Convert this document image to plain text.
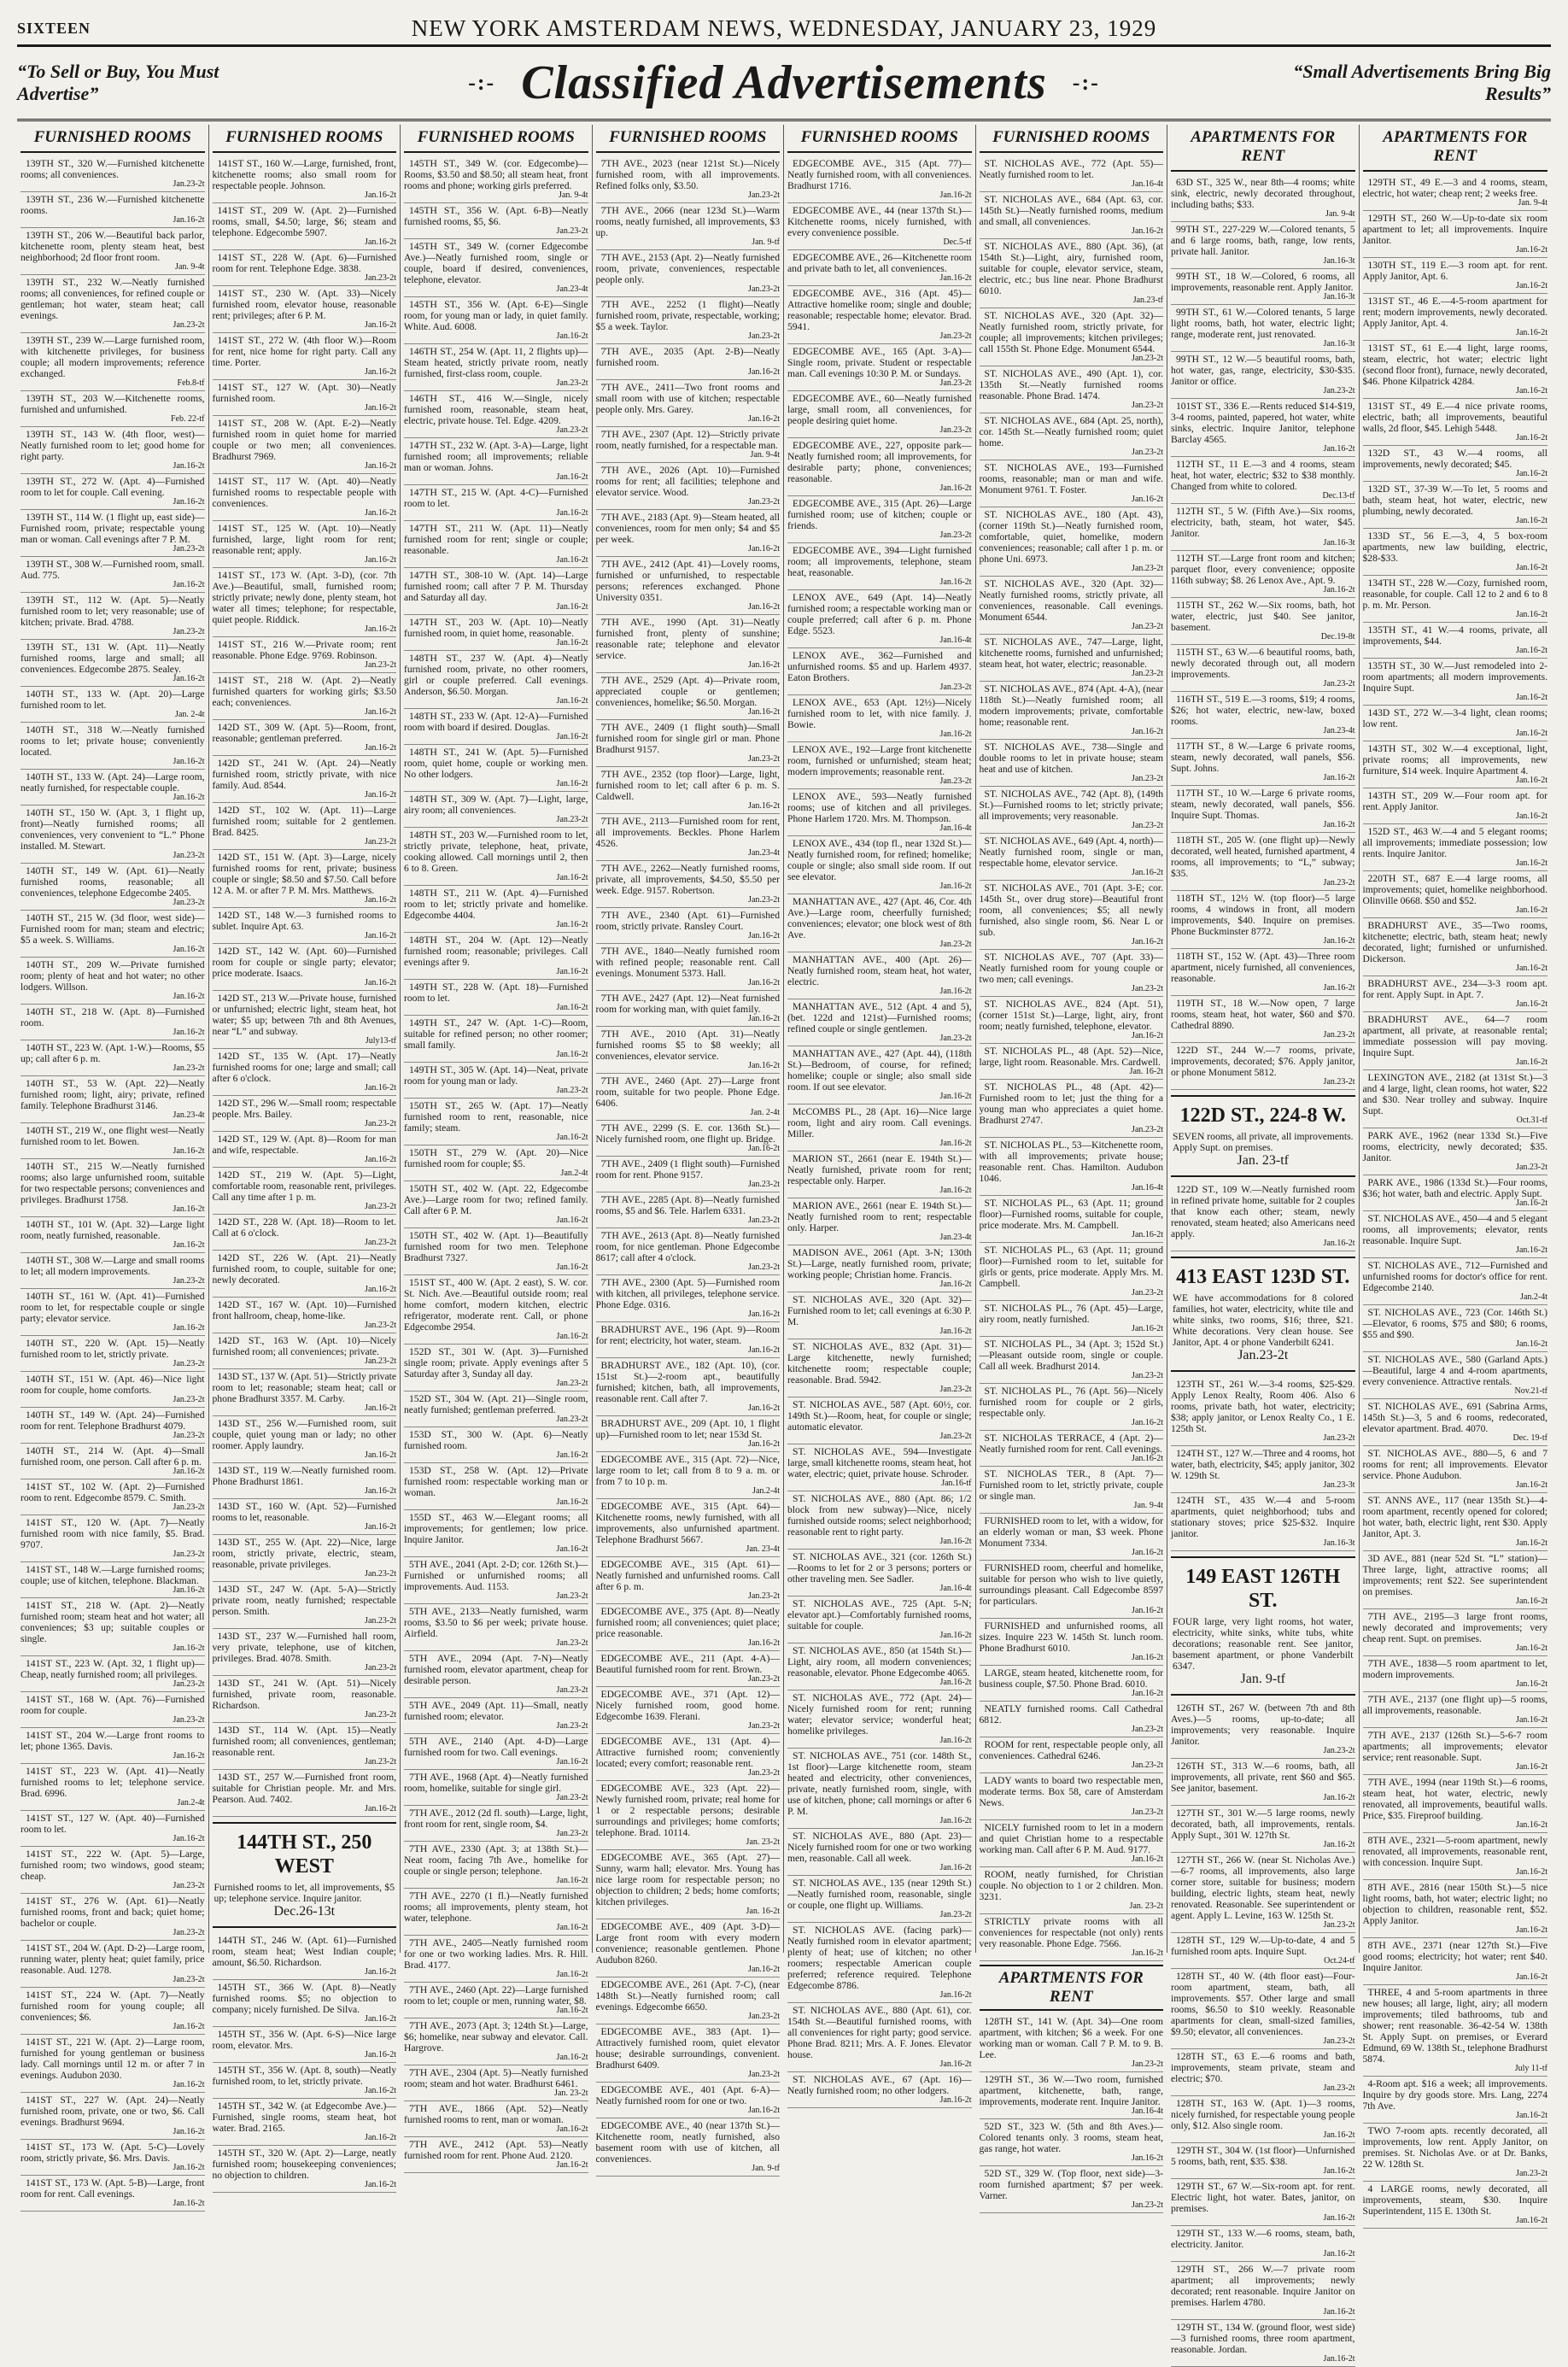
SIXTEEN	NEW YORK AMSTERDAM NEWS, WEDNESDAY, JANUARY 23, 1929
“To Sell or Buy, You Must Advertise”	-:- Classified Advertisements -:-	“Small Advertisements Bring Big Results”
FURNISHED ROOMS
139TH ST., 320 W.—Furnished kitchenette rooms; all conveniences.
Jan.23-2t
139TH ST., 236 W.—Furnished kitchenette rooms.
Jan.16-2t
139TH ST., 206 W.—Beautiful back parlor, kitchenette room, plenty steam heat, best neighborhood; 2d floor front room.
Jan. 9-4t
139TH ST., 232 W.—Neatly furnished rooms; all conveniences, for refined couple or gentleman; hot water, steam heat; call evenings.
Jan.23-2t
139TH ST., 239 W.—Large furnished room, with kitchenette privileges, for business couple; all modern improvements; reference exchanged.
Feb.8-tf
139TH ST., 203 W.—Kitchenette rooms, furnished and unfurnished.
Feb. 22-tf
139TH ST., 143 W. (4th floor, west)—Neatly furnished room to let; good home for right party.
Jan.16-2t
139TH ST., 272 W. (Apt. 4)—Furnished room to let for couple. Call evening.
Jan.16-2t
139TH ST., 114 W. (1 flight up, east side)—Furnished room, private; respectable young man or woman. Call evenings after 7 P. M.
Jan.23-2t
139TH ST., 308 W.—Furnished room, small. Aud. 775.
Jan.16-2t
139TH ST., 112 W. (Apt. 5)—Neatly furnished room to let; very reasonable; use of kitchen; private. Brad. 4788.
Jan.23-2t
139TH ST., 131 W. (Apt. 11)—Neatly furnished rooms, large and small; all conveniences. Edgecombe 2875. Sealey.
Jan.16-2t
140TH ST., 133 W. (Apt. 20)—Large furnished room to let.
Jan. 2-4t
140TH ST., 318 W.—Neatly furnished rooms to let; private house; conveniently located.
Jan.16-2t
140TH ST., 133 W. (Apt. 24)—Large room, neatly furnished, for respectable couple.
Jan.16-2t
140TH ST., 150 W. (Apt. 3, 1 flight up, front)—Neatly furnished rooms; all conveniences, very convenient to “L.” Phone installed. M. Stewart.
Jan.23-2t
140TH ST., 149 W. (Apt. 61)—Neatly furnished rooms, reasonable; all conveniences, telephone Edgecombe 2405.
Jan.23-2t
140TH ST., 215 W. (3d floor, west side)—Furnished room for man; steam and electric; $5 a week. S. Williams.
Jan.16-2t
140TH ST., 209 W.—Private furnished room; plenty of heat and hot water; no other lodgers. Willson.
Jan.16-2t
140TH ST., 218 W. (Apt. 8)—Furnished room.
Jan.16-2t
140TH ST., 223 W. (Apt. 1-W.)—Rooms, $5 up; call after 6 p. m.
Jan.23-2t
140TH ST., 53 W. (Apt. 22)—Neatly furnished room; light, airy; private, refined family. Telephone Bradhurst 3146.
Jan.23-4t
140TH ST., 219 W., one flight west—Neatly furnished room to let. Bowen.
Jan.16-2t
140TH ST., 215 W.—Neatly furnished rooms; also large unfurnished room, suitable for two respectable persons; conveniences and privileges. Bradhurst 1758.
Jan.16-2t
140TH ST., 101 W. (Apt. 32)—Large light room, neatly furnished, reasonable.
Jan.16-2t
140TH ST., 308 W.—Large and small rooms to let; all modern improvements.
Jan.23-2t
140TH ST., 161 W. (Apt. 41)—Furnished room to let, for respectable couple or single party; elevator service.
Jan.16-2t
140TH ST., 220 W. (Apt. 15)—Neatly furnished room to let, strictly private.
Jan.23-2t
140TH ST., 151 W. (Apt. 46)—Nice light room for couple, home comforts.
Jan.23-2t
140TH ST., 149 W. (Apt. 24)—Furnished room for rent. Telephone Bradhurst 4079.
Jan.23-2t
140TH ST., 214 W. (Apt. 4)—Small furnished room, one person. Call after 6 p. m.
Jan.16-2t
141ST ST., 102 W. (Apt. 2)—Furnished room to rent. Edgecombe 8579. C. Smith.
Jan.23-2t
141ST ST., 120 W. (Apt. 7)—Neatly furnished room with nice family, $5. Brad. 9707.
Jan.23-2t
141ST ST., 148 W.—Large furnished rooms; couple; use of kitchen, telephone. Blackman.
Jan.16-2t
141ST ST., 218 W. (Apt. 2)—Neatly furnished room; steam heat and hot water; all conveniences; $3 up; suitable couples or single.
Jan.16-2t
141ST ST., 223 W. (Apt. 32, 1 flight up)—Cheap, neatly furnished room; all privileges.
Jan.23-2t
141ST ST., 168 W. (Apt. 76)—Furnished room for couple.
Jan.23-2t
141ST ST., 204 W.—Large front rooms to let; phone 1365. Davis.
Jan.16-2t
141ST ST., 223 W. (Apt. 41)—Neatly furnished rooms to let; telephone service. Brad. 6996.
Jan.2-4t
141ST ST., 127 W. (Apt. 40)—Furnished room to let.
Jan.16-2t
141ST ST., 222 W. (Apt. 5)—Large, furnished room; two windows, good steam; cheap.
Jan.23-2t
141ST ST., 276 W. (Apt. 61)—Neatly furnished rooms, front and back; quiet home; bachelor or couple.
Jan.23-2t
141ST ST., 204 W. (Apt. D-2)—Large room, running water, plenty heat; quiet family, price reasonable. Aud. 1278.
Jan.23-2t
141ST ST., 224 W. (Apt. 7)—Neatly furnished room for young couple; all conveniences; $6.
Jan.16-2t
141ST ST., 221 W. (Apt. 2)—Large room, furnished for young gentleman or business lady. Call mornings until 12 m. or after 7 in evenings. Audubon 2030.
Jan.16-2t
141ST ST., 227 W. (Apt. 24)—Neatly furnished room, private, one or two, $6. Call evenings. Bradhurst 9694.
Jan.16-2t
141ST ST., 173 W. (Apt. 5-C)—Lovely room, strictly private, $6. Mrs. Davis.
Jan.16-2t
141ST ST., 173 W. (Apt. 5-B)—Large, front room for rent. Call evenings.
Jan.16-2t
FURNISHED ROOMS
141ST ST., 160 W.—Large, furnished, front, kitchenette rooms; also small room for respectable people. Johnson.
Jan.16-2t
141ST ST., 209 W. (Apt. 2)—Furnished rooms, small, $4.50; large, $6; steam and telephone. Edgecombe 5907.
Jan.16-2t
141ST ST., 228 W. (Apt. 6)—Furnished room for rent. Telephone Edge. 3838.
Jan.23-2t
141ST ST., 230 W. (Apt. 33)—Nicely furnished room, elevator house, reasonable rent; privileges; after 6 P. M.
Jan.16-2t
141ST ST., 272 W. (4th floor W.)—Room for rent, nice home for right party. Call any time. Porter.
Jan.16-2t
141ST ST., 127 W. (Apt. 30)—Neatly furnished room.
Jan.16-2t
141ST ST., 208 W. (Apt. E-2)—Neatly furnished room in quiet home for married couple or two men; all conveniences. Bradhurst 7969.
Jan.16-2t
141ST ST., 117 W. (Apt. 40)—Neatly furnished rooms to respectable people with conveniences.
Jan.16-2t
141ST ST., 125 W. (Apt. 10)—Neatly furnished, large, light room for rent; reasonable rent; apply.
Jan.16-2t
141ST ST., 173 W. (Apt. 3-D), (cor. 7th Ave.)—Beautiful, small, furnished room; strictly private; newly done, plenty steam, hot water all times; telephone; for respectable, quiet people. Riddick.
Jan.16-2t
141ST ST., 216 W.—Private room; rent reasonable. Phone Edge. 9769. Robinson.
Jan.23-2t
141ST ST., 218 W. (Apt. 2)—Neatly furnished quarters for working girls; $3.50 each; conveniences.
Jan.16-2t
142D ST., 309 W. (Apt. 5)—Room, front, reasonable; gentleman preferred.
Jan.16-2t
142D ST., 241 W. (Apt. 24)—Neatly furnished room, strictly private, with nice family. Aud. 8544.
Jan.16-2t
142D ST., 102 W. (Apt. 11)—Large furnished room; suitable for 2 gentlemen. Brad. 8425.
Jan.23-2t
142D ST., 151 W. (Apt. 3)—Large, nicely furnished rooms for rent, private; business couple or single; $8.50 and $7.50. Call before 12 A. M. or after 7 P. M. Mrs. Matthews.
Jan.16-2t
142D ST., 148 W.—3 furnished rooms to sublet. Inquire Apt. 63.
Jan.16-2t
142D ST., 142 W. (Apt. 60)—Furnished room for couple or single party; elevator; price moderate. Isaacs.
Jan.16-2t
142D ST., 213 W.—Private house, furnished or unfurnished; electric light, steam heat, hot water; $5 up; between 7th and 8th Avenues, near “L” and subway.
July13-tf
142D ST., 135 W. (Apt. 17)—Neatly furnished rooms for one; large and small; call after 6 o'clock.
Jan.16-2t
142D ST., 296 W.—Small room; respectable people. Mrs. Bailey.
Jan.23-2t
142D ST., 129 W. (Apt. 8)—Room for man and wife, respectable.
Jan.16-2t
142D ST., 219 W. (Apt. 5)—Light, comfortable room, reasonable rent, privileges. Call any time after 1 p. m.
Jan.23-2t
142D ST., 228 W. (Apt. 18)—Room to let. Call at 6 o'clock.
Jan.23-2t
142D ST., 226 W. (Apt. 21)—Neatly furnished room, to couple, suitable for one; newly decorated.
Jan.16-2t
142D ST., 167 W. (Apt. 10)—Furnished front hallroom, cheap, home-like.
Jan.23-2t
142D ST., 163 W. (Apt. 10)—Nicely furnished room; all conveniences; private.
Jan.23-2t
143D ST., 137 W. (Apt. 51)—Strictly private room to let; reasonable; steam heat; call or phone Bradhurst 3357. M. Carby.
Jan.16-2t
143D ST., 256 W.—Furnished room, suit couple, quiet young man or lady; no other roomer. Apply laundry.
Jan.16-2t
143D ST., 119 W.—Neatly furnished room. Phone Bradhurst 1861.
Jan.16-2t
143D ST., 160 W. (Apt. 52)—Furnished rooms to let, reasonable.
Jan.16-2t
143D ST., 255 W. (Apt. 22)—Nice, large room, strictly private, electric, steam, reasonable, private privileges.
Jan.23-2t
143D ST., 247 W. (Apt. 5-A)—Strictly private room, neatly furnished; respectable person. Smith.
Jan.23-2t
143D ST., 237 W.—Furnished hall room, very private, telephone, use of kitchen, privileges. Brad. 4078. Smith.
Jan.23-2t
143D ST., 241 W. (Apt. 51)—Nicely furnished, private room, reasonable. Richardson.
Jan.23-2t
143D ST., 114 W. (Apt. 15)—Neatly furnished room; all conveniences, gentleman; reasonable rent.
Jan.23-2t
143D ST., 257 W.—Furnished front room, suitable for Christian people. Mr. and Mrs. Pearson. Aud. 7402.
Jan.16-2t
144TH ST., 250 WEST
Furnished rooms to let, all improvements, $5 up; telephone service. Inquire janitor.
Dec.26-13t
144TH ST., 246 W. (Apt. 61)—Furnished room, steam heat; West Indian couple; amount, $6.50. Richardson.
Jan.16-2t
145TH ST., 366 W. (Apt. 8)—Neatly furnished rooms. $5; no objection to company; nicely furnished. De Silva.
Jan.16-2t
145TH ST., 356 W. (Apt. 6-S)—Nice large room, elevator. Mrs.
Jan.16-2t
145TH ST., 356 W. (Apt. 8, south)—Neatly furnished room, to let, strictly private.
Jan.16-2t
145TH ST., 342 W. (at Edgecombe Ave.)—Furnished, single rooms, steam heat, hot water. Brad. 2165.
Jan.16-2t
145TH ST., 320 W. (Apt. 2)—Large, neatly furnished room; housekeeping conveniences; no objection to children.
Jan.16-2t
FURNISHED ROOMS
145TH ST., 349 W. (cor. Edgecombe)—Rooms, $3.50 and $8.50; all steam heat, front rooms and phone; working girls preferred.
Jan. 9-4t
145TH ST., 356 W. (Apt. 6-B)—Neatly furnished rooms, $5, $6.
Jan.23-2t
145TH ST., 349 W. (corner Edgecombe Ave.)—Neatly furnished room, single or couple, board if desired, conveniences, telephone, elevator.
Jan.23-4t
145TH ST., 356 W. (Apt. 6-E)—Single room, for young man or lady, in quiet family. White. Aud. 6008.
Jan.16-2t
146TH ST., 254 W. (Apt. 11, 2 flights up)—Steam heated, strictly private room, neatly furnished, first-class room, couple.
Jan.23-2t
146TH ST., 416 W.—Single, nicely furnished room, reasonable, steam heat, electric, private house. Tel. Edge. 4209.
Jan.23-2t
147TH ST., 232 W. (Apt. 3-A)—Large, light furnished room; all improvements; reliable man or woman. Johns.
Jan.16-2t
147TH ST., 215 W. (Apt. 4-C)—Furnished room to let.
Jan.16-2t
147TH ST., 211 W. (Apt. 11)—Neatly furnished room for rent; single or couple; reasonable.
Jan.16-2t
147TH ST., 308-10 W. (Apt. 14)—Large furnished room; call after 7 P. M. Thursday and Saturday all day.
Jan.16-2t
147TH ST., 203 W. (Apt. 10)—Neatly furnished room, in quiet home, reasonable.
Jan.16-2t
148TH ST., 237 W. (Apt. 4)—Neatly furnished room, private, no other roomers, girl or couple preferred. Call evenings. Anderson, $6.50. Morgan.
Jan.16-2t
148TH ST., 233 W. (Apt. 12-A)—Furnished room with board if desired. Douglas.
Jan.16-2t
148TH ST., 241 W. (Apt. 5)—Furnished room, quiet home, couple or working men. No other lodgers.
Jan.16-2t
148TH ST., 309 W. (Apt. 7)—Light, large, airy room; all conveniences.
Jan.23-2t
148TH ST., 203 W.—Furnished room to let, strictly private, telephone, heat, private, cooking allowed. Call mornings until 2, then 6 to 8. Green.
Jan.16-2t
148TH ST., 211 W. (Apt. 4)—Furnished room to let; strictly private and homelike. Edgecombe 4404.
Jan.16-2t
148TH ST., 204 W. (Apt. 12)—Neatly furnished room; reasonable; privileges. Call evenings after 9.
Jan.16-2t
149TH ST., 228 W. (Apt. 18)—Furnished room to let.
Jan.16-2t
149TH ST., 247 W. (Apt. 1-C)—Room, suitable for refined person; no other roomer; small family.
Jan.16-2t
149TH ST., 305 W. (Apt. 14)—Neat, private room for young man or lady.
Jan.23-2t
150TH ST., 265 W. (Apt. 17)—Neatly furnished room to rent, reasonable, nice family; steam.
Jan.16-2t
150TH ST., 279 W. (Apt. 20)—Nice furnished room for couple; $5.
Jan.2-4t
150TH ST., 402 W. (Apt. 22, Edgecombe Ave.)—Large room for two; refined family. Call after 6 P. M.
Jan.16-2t
150TH ST., 402 W. (Apt. 1)—Beautifully furnished room for two men. Telephone Bradhurst 7327.
Jan.16-2t
151ST ST., 400 W. (Apt. 2 east), S. W. cor. St. Nich. Ave.—Beautiful outside room; real home comfort, modern kitchen, electric refrigerator, moderate rent. Call, or phone Edgecombe 2954.
Jan.16-2t
152D ST., 301 W. (Apt. 3)—Furnished single room; private. Apply evenings after 5 Saturday after 3, Sunday all day.
Jan.23-2t
152D ST., 304 W. (Apt. 21)—Single room, neatly furnished; gentleman preferred.
Jan.23-2t
153D ST., 300 W. (Apt. 6)—Neatly furnished room.
Jan.16-2t
153D ST., 258 W. (Apt. 12)—Private furnished room: respectable working man or woman.
Jan.16-2t
155D ST., 463 W.—Elegant rooms; all improvements; for gentlemen; low price. Inquire Janitor.
Jan.16-2t
5TH AVE., 2041 (Apt. 2-D; cor. 126th St.)—Furnished or unfurnished rooms; all improvements. Aud. 1153.
Jan.23-2t
5TH AVE., 2133—Neatly furnished, warm rooms, $3.50 to $6 per week; private house. Airfield.
Jan.23-2t
5TH AVE., 2094 (Apt. 7-N)—Neatly furnished room, elevator apartment, cheap for desirable person.
Jan.23-2t
5TH AVE., 2049 (Apt. 11)—Small, neatly furnished room; elevator.
Jan.23-2t
5TH AVE., 2140 (Apt. 4-D)—Large furnished room for two. Call evenings.
Jan.16-2t
7TH AVE., 1968 (Apt. 4)—Neatly furnished room, homelike, suitable for single girl.
Jan.23-2t
7TH AVE., 2012 (2d fl. south)—Large, light, front room for rent, single room, $4.
Jan.23-2t
7TH AVE., 2330 (Apt. 3; at 138th St.)—Neat room, facing 7th Ave., homelike for couple or single person; telephone.
Jan.16-2t
7TH AVE., 2270 (1 fl.)—Neatly furnished rooms; all improvements, plenty steam, hot water, telephone.
Jan.16-2t
7TH AVE., 2405—Neatly furnished room for one or two working ladies. Mrs. R. Hill. Brad. 4177.
Jan.16-2t
7TH AVE., 2460 (Apt. 22)—Large furnished room to let; couple or men, running water, $8.
Jan.16-2t
7TH AVE., 2073 (Apt. 3; 124th St.)—Large, $6; homelike, near subway and elevator. Call. Hargrove.
Jan.16-2t
7TH AVE., 2304 (Apt. 5)—Neatly furnished room; steam and hot water. Bradhurst 6461.
Jan. 23-2t
7TH AVE., 1866 (Apt. 52)—Neatly furnished rooms to rent, man or woman.
Jan.16-2t
7TH AVE., 2412 (Apt. 53)—Neatly furnished room for rent. Phone Aud. 2120.
Jan.16-2t
FURNISHED ROOMS
7TH AVE., 2023 (near 121st St.)—Nicely furnished room, with all improvements. Refined folks only, $3.50.
Jan.23-2t
7TH AVE., 2066 (near 123d St.)—Warm rooms, neatly furnished, all improvements, $3 up.
Jan. 9-tf
7TH AVE., 2153 (Apt. 2)—Neatly furnished room, private, conveniences, respectable people only.
Jan.23-2t
7TH AVE., 2252 (1 flight)—Neatly furnished room, private, respectable, working; $5 a week. Taylor.
Jan.23-2t
7TH AVE., 2035 (Apt. 2-B)—Neatly furnished room.
Jan.16-2t
7TH AVE., 2411—Two front rooms and small room with use of kitchen; respectable people only. Mrs. Garey.
Jan.16-2t
7TH AVE., 2307 (Apt. 12)—Strictly private room, neatly furnished, for a respectable man.
Jan. 9-4t
7TH AVE., 2026 (Apt. 10)—Furnished rooms for rent; all facilities; telephone and elevator service. Wood.
Jan.23-2t
7TH AVE., 2183 (Apt. 9)—Steam heated, all conveniences, room for men only; $4 and $5 per week.
Jan.16-2t
7TH AVE., 2412 (Apt. 41)—Lovely rooms, furnished or unfurnished, to respectable persons; references exchanged. Phone University 0351.
Jan.16-2t
7TH AVE., 1990 (Apt. 31)—Neatly furnished front, plenty of sunshine; reasonable rate; telephone and elevator service.
Jan.16-2t
7TH AVE., 2529 (Apt. 4)—Private room, appreciated couple or gentlemen; conveniences, homelike; $6.50. Morgan.
Jan.16-2t
7TH AVE., 2409 (1 flight south)—Small furnished room for single girl or man. Phone Bradhurst 9157.
Jan.23-2t
7TH AVE., 2352 (top floor)—Large, light, furnished room to let; call after 6 p. m. S. Caldwell.
Jan.16-2t
7TH AVE., 2113—Furnished room for rent, all improvements. Beckles. Phone Harlem 4526.
Jan.23-4t
7TH AVE., 2262—Neatly furnished rooms, private, all improvements, $4.50, $5.50 per week. Edge. 9157. Robertson.
Jan.23-2t
7TH AVE., 2340 (Apt. 61)—Furnished room, strictly private. Ransley Court.
Jan.16-2t
7TH AVE., 1840—Neatly furnished room with refined people; reasonable rent. Call evenings. Monument 5373. Hall.
Jan.16-2t
7TH AVE., 2427 (Apt. 12)—Neat furnished room for working man, with quiet family.
Jan.16-2t
7TH AVE., 2010 (Apt. 31)—Neatly furnished rooms $5 to $8 weekly; all conveniences, elevator service.
Jan.16-2t
7TH AVE., 2460 (Apt. 27)—Large front room, suitable for two people. Phone Edge. 6406.
Jan. 2-4t
7TH AVE., 2299 (S. E. cor. 136th St.)—Nicely furnished room, one flight up. Bridge.
Jan.16-2t
7TH AVE., 2409 (1 flight south)—Furnished room for rent. Phone 9157.
Jan.23-2t
7TH AVE., 2285 (Apt. 8)—Neatly furnished rooms, $5 and $6. Tele. Harlem 6331.
Jan.23-2t
7TH AVE., 2613 (Apt. 8)—Neatly furnished room, for nice gentleman. Phone Edgecombe 8617; call after 4 o'clock.
Jan.23-2t
7TH AVE., 2300 (Apt. 5)—Furnished room with kitchen, all privileges, telephone service. Phone Edge. 0316.
Jan.16-2t
BRADHURST AVE., 196 (Apt. 9)—Room for rent; electricity, hot water, steam.
Jan.16-2t
BRADHURST AVE., 182 (Apt. 10), (cor. 151st St.)—2-room apt., beautifully furnished; kitchen, bath, all improvements, reasonable rent. Call after 7.
Jan.16-2t
BRADHURST AVE., 209 (Apt. 10, 1 flight up)—Furnished room to let; near 153d St.
Jan.16-2t
EDGECOMBE AVE., 315 (Apt. 72)—Nice, large room to let; call from 8 to 9 a. m. or from 7 to 10 p. m.
Jan.2-4t
EDGECOMBE AVE., 315 (Apt. 64)—Kitchenette rooms, newly furnished, with all improvements, also unfurnished apartment. Telephone Bradhurst 5667.
Jan. 23-4t
EDGECOMBE AVE., 315 (Apt. 61)—Neatly furnished and unfurnished rooms. Call after 6 p. m.
Jan.23-2t
EDGECOMBE AVE., 375 (Apt. 8)—Neatly furnished room; all conveniences; quiet place; price reasonable.
Jan.16-2t
EDGECOMBE AVE., 211 (Apt. 4-A)—Beautiful furnished room for rent. Brown.
Jan.23-2t
EDGECOMBE AVE., 371 (Apt. 12)—Nicely furnished room, good home. Edgecombe 1639. Flerani.
Jan.23-2t
EDGECOMBE AVE., 131 (Apt. 4)—Attractive furnished room; conveniently located; every comfort; reasonable rent.
Jan.23-2t
EDGECOMBE AVE., 323 (Apt. 22)—Newly furnished room, private; real home for 1 or 2 respectable persons; desirable surroundings and privileges; home comforts; telephone. Brad. 10114.
Jan. 23-2t
EDGECOMBE AVE., 365 (Apt. 27)—Sunny, warm hall; elevator. Mrs. Young has nice large room for respectable person; no objection to children; 2 beds; home comforts; kitchen privileges.
Jan. 16-2t
EDGECOMBE AVE., 409 (Apt. 3-D)—Large front room with every modern convenience; reasonable gentlemen. Phone Audubon 8260.
Jan.16-2t
EDGECOMBE AVE., 261 (Apt. 7-C), (near 148th St.)—Neatly furnished room; call evenings. Edgecombe 6650.
Jan.23-2t
EDGECOMBE AVE., 383 (Apt. 1)—Attractively furnished room, quiet elevator house; desirable surroundings, convenient. Bradhurst 6409.
Jan.23-2t
EDGECOMBE AVE., 401 (Apt. 6-A)—Neatly furnished room for one or two.
Jan.16-2t
EDGECOMBE AVE., 40 (near 137th St.)—Kitchenette room, neatly furnished, also basement room with use of kitchen, all conveniences.
Jan. 9-tf
FURNISHED ROOMS
EDGECOMBE AVE., 315 (Apt. 77)—Neatly furnished room, with all conveniences. Bradhurst 1716.
Jan.16-2t
EDGECOMBE AVE., 44 (near 137th St.)—Kitchenette rooms, nicely furnished, with every convenience possible.
Dec.5-tf
EDGECOMBE AVE., 26—Kitchenette room and private bath to let, all conveniences.
Jan.16-2t
EDGECOMBE AVE., 316 (Apt. 45)—Attractive homelike room; single and double; reasonable; respectable home; elevator. Brad. 5941.
Jan.23-2t
EDGECOMBE AVE., 165 (Apt. 3-A)—Single room, private. Student or respectable man. Call evenings 10:30 P. M. or Sundays.
Jan.23-2t
EDGECOMBE AVE., 60—Neatly furnished large, small room, all conveniences, for people desiring quiet home.
Jan.23-2t
EDGECOMBE AVE., 227, opposite park—Neatly furnished room; all improvements, for desirable party; phone, conveniences; reasonable.
Jan.16-2t
EDGECOMBE AVE., 315 (Apt. 26)—Large furnished room; use of kitchen; couple or friends.
Jan.23-2t
EDGECOMBE AVE., 394—Light furnished room; all improvements, telephone, steam heat, reasonable.
Jan.16-2t
LENOX AVE., 649 (Apt. 14)—Neatly furnished room; a respectable working man or couple preferred; call after 6 p. m. Phone Edge. 5523.
Jan.16-4t
LENOX AVE., 362—Furnished and unfurnished rooms. $5 and up. Harlem 4937. Eaton Brothers.
Jan.23-2t
LENOX AVE., 653 (Apt. 12½)—Nicely furnished room to let, with nice family. J. Bowie.
Jan.16-2t
LENOX AVE., 192—Large front kitchenette room, furnished or unfurnished; steam heat; modern improvements; reasonable rent.
Jan.23-2t
LENOX AVE., 593—Neatly furnished rooms; use of kitchen and all privileges. Phone Harlem 1720. Mrs. M. Thompson.
Jan.16-4t
LENOX AVE., 434 (top fl., near 132d St.)—Neatly furnished room, for refined; homelike; couple or single; also small side room. If out see elevator.
Jan.16-2t
MANHATTAN AVE., 427 (Apt. 46, Cor. 4th Ave.)—Large room, cheerfully furnished; conveniences; elevator; one block west of 8th Ave.
Jan.23-2t
MANHATTAN AVE., 400 (Apt. 26)—Neatly furnished room, steam heat, hot water, electric.
Jan.16-2t
MANHATTAN AVE., 512 (Apt. 4 and 5), (bet. 122d and 121st)—Furnished rooms; refined couple or single gentlemen.
Jan.23-2t
MANHATTAN AVE., 427 (Apt. 44), (118th St.)—Bedroom, of course, for refined; homelike; couple or single; also small side room. If out see elevator.
Jan.16-2t
McCOMBS PL., 28 (Apt. 16)—Nice large room, light and airy room. Call evenings. Miller.
Jan.16-2t
MARION ST., 2661 (near E. 194th St.)—Neatly furnished, private room for rent; respectable only. Harper.
Jan.16-2t
MARION AVE., 2661 (near E. 194th St.)—Neatly furnished room to rent; respectable only. Harper.
Jan.23-4t
MADISON AVE., 2061 (Apt. 3-N; 130th St.)—Large, neatly furnished room, private; working people; Christian home. Francis.
Jan.16-2t
ST. NICHOLAS AVE., 320 (Apt. 32)—Furnished room to let; call evenings at 6:30 P. M.
Jan.16-2t
ST. NICHOLAS AVE., 832 (Apt. 31)—Large kitchenette, newly furnished; kitchenette room; respectable couple; reasonable. Brad. 5942.
Jan.23-2t
ST. NICHOLAS AVE., 587 (Apt. 60½, cor. 149th St.)—Room, heat, for couple or single; automatic elevator.
Jan.23-2t
ST. NICHOLAS AVE., 594—Investigate large, small kitchenette rooms, steam heat, hot water, electric; quiet, private house. Schroder.
Jan.16-tf
ST. NICHOLAS AVE., 880 (Apt. 86; 1/2 block from new subway)—Nice, nicely furnished outside rooms; select neighborhood; reasonable rent to right party.
Jan.16-2t
ST. NICHOLAS AVE., 321 (cor. 126th St.)—Rooms to let for 2 or 3 persons; porters or other traveling men. See Sadler.
Jan.16-4t
ST. NICHOLAS AVE., 725 (Apt. 5-N; elevator apt.)—Comfortably furnished rooms, suitable for couple.
Jan.16-2t
ST. NICHOLAS AVE., 850 (at 154th St.)—Light, airy room, all modern conveniences; reasonable, elevator. Phone Edgecombe 4065.
Jan.16-2t
ST. NICHOLAS AVE., 772 (Apt. 24)—Nicely furnished room for rent; running water; elevator service; wonderful heat; homelike privileges.
Jan.16-2t
ST. NICHOLAS AVE., 751 (cor. 148th St., 1st floor)—Large kitchenette room, steam heated and electricity, other conveniences, private, neatly furnished room, single, with use of kitchen, phone; call mornings or after 6 P. M.
Jan.16-2t
ST. NICHOLAS AVE., 880 (Apt. 23)—Nicely furnished room for one or two working men, reasonable. Call all week.
Jan.16-2t
ST. NICHOLAS AVE., 135 (near 129th St.)—Neatly furnished room, reasonable, single or couple, one flight up. Williams.
Jan.23-2t
ST. NICHOLAS AVE. (facing park)—Neatly furnished room in elevator apartment; plenty of heat; use of kitchen; no other roomers; respectable American couple preferred; reference required. Telephone Edgecombe 8786.
Jan.16-2t
ST. NICHOLAS AVE., 880 (Apt. 61), cor. 154th St.—Beautiful furnished rooms, with all conveniences for right party; good service. Phone Brad. 8211; Mrs. A. F. Jones. Elevator house.
Jan.16-2t
ST. NICHOLAS AVE., 67 (Apt. 16)—Neatly furnished room; no other lodgers.
Jan.16-2t
FURNISHED ROOMS
ST. NICHOLAS AVE., 772 (Apt. 55)—Neatly furnished room to let.
Jan.16-4t
ST. NICHOLAS AVE., 684 (Apt. 63, cor. 145th St.)—Neatly furnished rooms, medium and small, all conveniences.
Jan.16-2t
ST. NICHOLAS AVE., 880 (Apt. 36), (at 154th St.)—Light, airy, furnished room, suitable for couple, elevator service, steam, electric, etc.; bus line near. Phone Bradhurst 6010.
Jan.23-tf
ST. NICHOLAS AVE., 320 (Apt. 32)—Neatly furnished room, strictly private, for couple; all improvements; kitchen privileges; call 155th St. Phone Edge. Monument 6544.
Jan.23-2t
ST. NICHOLAS AVE., 490 (Apt. 1), cor. 135th St.—Neatly furnished rooms reasonable. Phone Brad. 1474.
Jan.23-2t
ST. NICHOLAS AVE., 684 (Apt. 25, north), cor. 145th St.—Neatly furnished room; quiet home.
Jan.23-2t
ST. NICHOLAS AVE., 193—Furnished rooms, reasonable; man or man and wife. Monument 9761. T. Foster.
Jan.16-2t
ST. NICHOLAS AVE., 180 (Apt. 43), (corner 119th St.)—Neatly furnished room, comfortable, quiet, homelike, modern conveniences; reasonable; call after 1 p. m. or phone Uni. 6973.
Jan.23-2t
ST. NICHOLAS AVE., 320 (Apt. 32)—Neatly furnished rooms, strictly private, all conveniences, reasonable. Call evenings. Monument 6544.
Jan.23-2t
ST. NICHOLAS AVE., 747—Large, light, kitchenette rooms, furnished and unfurnished; steam heat, hot water, electric; reasonable.
Jan.23-2t
ST. NICHOLAS AVE., 874 (Apt. 4-A), (near 118th St.)—Neatly furnished room; all modern improvements; private, comfortable home; reasonable rent.
Jan.16-2t
ST. NICHOLAS AVE., 738—Single and double rooms to let in private house; steam heat and use of kitchen.
Jan.23-2t
ST. NICHOLAS AVE., 742 (Apt. 8), (149th St.)—Furnished rooms to let; strictly private; all improvements; very reasonable.
Jan.23-2t
ST. NICHOLAS AVE., 649 (Apt. 4, north)—Neatly furnished room, single or man, respectable home, elevator service.
Jan.16-2t
ST. NICHOLAS AVE., 701 (Apt. 3-E; cor. 145th St., over drug store)—Beautiful front room, all conveniences; $5; all newly furnished, also single room, $6. Near L or sub.
Jan.16-2t
ST. NICHOLAS AVE., 707 (Apt. 33)—Neatly furnished room for young couple or two men; call evenings.
Jan.23-2t
ST. NICHOLAS AVE., 824 (Apt. 51), (corner 151st St.)—Large, light, airy, front room; neatly furnished, telephone, elevator.
Jan.16-2t
ST. NICHOLAS PL., 48 (Apt. 52)—Nice, large, light room. Reasonable. Mrs. Cardwell.
Jan. 16-2t
ST. NICHOLAS PL., 48 (Apt. 42)—Furnished room to let; just the thing for a young man who appreciates a quiet home. Bradhurst 2747.
Jan.23-2t
ST. NICHOLAS PL., 53—Kitchenette room, with all improvements; private house; reasonable rent. Chas. Hamilton. Audubon 1046.
Jan.16-4t
ST. NICHOLAS PL., 63 (Apt. 11; ground floor)—Furnished rooms, suitable for couple, price moderate. Mrs. M. Campbell.
Jan.16-2t
ST. NICHOLAS PL., 63 (Apt. 11; ground floor)—Furnished room to let, suitable for girls or gents, price moderate. Apply Mrs. M. Campbell.
Jan.23-2t
ST. NICHOLAS PL., 76 (Apt. 45)—Large, airy room, neatly furnished.
Jan.16-2t
ST. NICHOLAS PL., 34 (Apt. 3; 152d St.)—Pleasant outside room, single or couple. Call all week. Bradhurst 2014.
Jan.23-2t
ST. NICHOLAS PL., 76 (Apt. 56)—Nicely furnished room for couple or 2 girls, respectable only.
Jan.16-2t
ST. NICHOLAS TERRACE, 4 (Apt. 2)—Neatly furnished room for rent. Call evenings.
Jan.16-2t
ST. NICHOLAS TER., 8 (Apt. 7)—Furnished room to let, strictly private, couple or single man.
Jan. 9-4t
FURNISHED room to let, with a widow, for an elderly woman or man, $3 week. Phone Monument 7334.
Jan.16-2t
FURNISHED room, cheerful and homelike, suitable for person who wish to live quietly, surroundings pleasant. Call Edgecombe 8597 for particulars.
Jan.16-2t
FURNISHED and unfurnished rooms, all sizes. Inquire 223 W. 145th St. lunch room. Phone Bradhurst 6010.
Jan.16-2t
LARGE, steam heated, kitchenette room, for business couple, $7.50. Phone Brad. 6010.
Jan.16-2t
NEATLY furnished rooms. Call Cathedral 6812.
Jan.23-2t
ROOM for rent, respectable people only, all conveniences. Cathedral 6246.
Jan.23-2t
LADY wants to board two respectable men, moderate terms. Box 58, care of Amsterdam News.
Jan.23-2t
NICELY furnished room to let in a modern and quiet Christian home to a respectable working man. Call after 6 P. M. Aud. 9177.
Jan.16-2t
ROOM, neatly furnished, for Christian couple. No objection to 1 or 2 children. Mon. 3231.
Jan. 23-2t
STRICTLY private rooms with all conveniences for respectable (not only) rents very reasonable. Phone Edge. 7566.
Jan.16-2t
APARTMENTS FOR RENT
128TH ST., 141 W. (Apt. 34)—One room apartment, with kitchen; $6 a week. For one working man or woman. Call 7 P. M. to 9. B. Lee.
Jan.23-2t
129TH ST., 36 W.—Two room, furnished apartment, kitchenette, bath, range, improvements, moderate rent. Inquire Janitor.
Jan.16-4t
52D ST., 323 W. (5th and 8th Aves.)—Colored tenants only. 3 rooms, steam heat, gas range, hot water.
Jan.16-2t
52D ST., 329 W. (Top floor, next side)—3-room furnished apartment; $7 per week. Varner.
Jan.23-2t
APARTMENTS FOR RENT
63D ST., 325 W., near 8th—4 rooms; white sink, electric, newly decorated throughout, including baths; $33.
Jan. 9-4t
99TH ST., 227-229 W.—Colored tenants, 5 and 6 large rooms, bath, range, low rents, private hall. Janitor.
Jan.16-3t
99TH ST., 18 W.—Colored, 6 rooms, all improvements, reasonable rent. Apply Janitor.
Jan.16-3t
99TH ST., 61 W.—Colored tenants, 5 large light rooms, bath, hot water, electric light; range, moderate rent, just renovated.
Jan.16-3t
99TH ST., 12 W.—5 beautiful rooms, bath, hot water, gas, range, electricity, $30-$35. Janitor or office.
Jan.23-2t
101ST ST., 336 E.—Rents reduced $14-$19, 3-4 rooms, painted, papered, hot water, white sinks, electric. Inquire Janitor, telephone Barclay 4565.
Jan.16-2t
112TH ST., 11 E.—3 and 4 rooms, steam heat, hot water, electric; $32 to $38 monthly. Changed from white to colored.
Dec.13-tf
112TH ST., 5 W. (Fifth Ave.)—Six rooms, electricity, bath, steam, hot water, $45. Janitor.
Jan.16-3t
112TH ST.—Large front room and kitchen; parquet floor, every convenience; opposite 116th subway; $8. 26 Lenox Ave., Apt. 9.
Jan.16-2t
115TH ST., 262 W.—Six rooms, bath, hot water, electric, just $40. See janitor, basement.
Dec.19-8t
115TH ST., 63 W.—6 beautiful rooms, bath, newly decorated through out, all modern improvements.
Jan.23-2t
116TH ST., 519 E.—3 rooms, $19; 4 rooms, $26; hot water, electric, new-law, boxed rooms.
Jan.23-4t
117TH ST., 8 W.—Large 6 private rooms, steam, newly decorated, wall panels, $56. Supt. Johns.
Jan.16-2t
117TH ST., 10 W.—Large 6 private rooms, steam, newly decorated, wall panels, $56. Inquire Supt. Thomas.
Jan.16-2t
118TH ST., 205 W. (one flight up)—Newly decorated, well heated, furnished apartment, 4 rooms, all improvements; to “L,” subway; $35.
Jan.23-2t
118TH ST., 12½ W. (top floor)—5 large rooms, 4 windows in front, all modern improvements, $40. Inquire on premises. Phone Buckminster 8772.
Jan.16-2t
118TH ST., 152 W. (Apt. 43)—Three room apartment, nicely furnished, all conveniences, reasonable.
Jan.16-2t
119TH ST., 18 W.—Now open, 7 large rooms, steam heat, hot water, $60 and $70. Cathedral 8890.
Jan.23-2t
122D ST., 244 W.—7 rooms, private, improvements, decorated; $76. Apply janitor, or phone Monument 5812.
Jan.23-2t
122D ST., 224-8 W.
SEVEN rooms, all private, all improvements. Apply Supt. on premises.
Jan. 23-tf
122D ST., 109 W.—Neatly furnished room in refined private home, suitable for 2 couples that know each other; steam, newly renovated, steam heated; also Americans need apply.
Jan.16-2t
413 EAST 123D ST.
WE have accommodations for 8 colored families, hot water, electricity, white tile and white sinks, two rooms, $16; three, $21. White decorations. Very clean house. See Janitor, Apt. 4 or phone Vanderbilt 6241.
Jan.23-2t
123TH ST., 261 W.—3-4 rooms, $25-$29. Apply Lenox Realty, Room 406. Also 6 rooms, private bath, hot water, electricity; $38; apply janitor, or Lenox Realty Co., 1 E. 125th St.
Jan.23-2t
124TH ST., 127 W.—Three and 4 rooms, hot water, bath, electricity, $45; apply janitor, 302 W. 129th St.
Jan.23-3t
124TH ST., 435 W.—4 and 5-room apartments, quiet neighborhood; tubs and stationary stoves; price $25-$32. Inquire janitor.
Jan.16-3t
149 EAST 126TH ST.
FOUR large, very light rooms, hot water, electricity, white sinks, white tubs, white decorations; reasonable rent. See janitor, basement apartment, or phone Vanderbilt 6347.
Jan. 9-tf
126TH ST., 267 W. (between 7th and 8th Aves.)—5 rooms, up-to-date; all improvements; very reasonable. Inquire Janitor.
Jan.23-2t
126TH ST., 313 W.—6 rooms, bath, all improvements, all private, rent $60 and $65. See janitor, basement.
Jan.16-2t
127TH ST., 301 W.—5 large rooms, newly decorated, bath, all improvements, rentals. Apply Supt., 301 W. 127th St.
Jan.16-2t
127TH ST., 266 W. (near St. Nicholas Ave.)—6-7 rooms, all improvements, also large corner store, suitable for business; modern building, electric lights, steam heat, newly renovated. Reasonable. See superintendent or agent. Apply L. Levine, 163 W. 125th St.
Jan.23-2t
128TH ST., 129 W.—Up-to-date, 4 and 5 furnished room apts. Inquire Supt.
Oct.24-tf
128TH ST., 40 W. (4th floor east)—Four-room apartment, steam, bath, all improvements. $57. Other large and small rooms, $6.50 to $10 weekly. Reasonable apartments for clean, small-sized families, $9.50; elevator, all conveniences.
Jan.23-2t
128TH ST., 63 E.—6 rooms and bath, improvements, steam private, steam and electric; $70.
Jan.23-2t
128TH ST., 163 W. (Apt. 1)—3 rooms, nicely furnished, for respectable young people only, $12. Also single room.
Jan.16-2t
129TH ST., 304 W. (1st floor)—Unfurnished 5 rooms, bath, rent, $35. $38.
Jan.16-2t
129TH ST., 67 W.—Six-room apt. for rent. Electric light, hot water. Bates, janitor, on premises.
Jan.16-2t
129TH ST., 133 W.—6 rooms, steam, bath, electricity. Janitor.
Jan.16-2t
129TH ST., 266 W.—7 private room apartment; all improvements; newly decorated; rent reasonable. Inquire Janitor on premises. Harlem 4780.
Jan.16-2t
129TH ST., 134 W. (ground floor, west side)—3 furnished rooms, three room apartment, reasonable. Jordan.
Jan.16-2t
APARTMENTS FOR RENT
129TH ST., 49 E.—3 and 4 rooms, steam, electric, hot water; cheap rent; 2 weeks free.
Jan. 9-4t
129TH ST., 260 W.—Up-to-date six room apartment to let; all improvements. Inquire Janitor.
Jan.16-2t
130TH ST., 119 E.—3 room apt. for rent. Apply Janitor, Apt. 6.
Jan.16-2t
131ST ST., 46 E.—4-5-room apartment for rent; modern improvements, newly decorated. Apply Janitor, Apt. 4.
Jan.16-2t
131ST ST., 61 E.—4 light, large rooms, steam, electric, hot water; electric light (second floor front), furnace, newly decorated, $46. Phone Kilpatrick 4284.
Jan.16-2t
131ST ST., 49 E.—4 nice private rooms, electric, bath; all improvements, beautiful walls, 2d floor, $45. Lehigh 5448.
Jan.16-2t
132D ST., 43 W.—4 rooms, all improvements, newly decorated; $45.
Jan.16-2t
132D ST., 37-39 W.—To let, 5 rooms and bath, steam heat, hot water, electric, new plumbing, newly decorated.
Jan.16-2t
133D ST., 56 E.—3, 4, 5 box-room apartments, new law building, electric, $28-$33.
Jan.16-2t
134TH ST., 228 W.—Cozy, furnished room, reasonable, for couple. Call 12 to 2 and 6 to 8 p. m. Mr. Person.
Jan.16-2t
135TH ST., 41 W.—4 rooms, private, all improvements, $44.
Jan.16-2t
135TH ST., 30 W.—Just remodeled into 2-room apartments; all modern improvements. Inquire Supt.
Jan.16-2t
143D ST., 272 W.—3-4 light, clean rooms; low rent.
Jan.16-2t
143TH ST., 302 W.—4 exceptional, light, private rooms; all improvements, new furniture, $14 week. Inquire Apartment 4.
Jan.16-2t
143TH ST., 209 W.—Four room apt. for rent. Apply Janitor.
Jan.16-2t
152D ST., 463 W.—4 and 5 elegant rooms; all improvements; immediate possession; low rents. Inquire Janitor.
Jan.16-2t
220TH ST., 687 E.—4 large rooms, all improvements; quiet, homelike neighborhood. Olinville 0668. $50 and $52.
Jan.16-2t
BRADHURST AVE., 35—Two rooms, kitchenette; electric, bath, steam heat; newly decorated, light; furnished or unfurnished. Dickerson.
Jan.16-2t
BRADHURST AVE., 234—3-3 room apt. for rent. Apply Supt. in Apt. 7.
Jan.16-2t
BRADHURST AVE., 64—7 room apartment, all private, at reasonable rental; immediate possession will pay moving. Inquire Supt.
Jan.16-2t
LEXINGTON AVE., 2182 (at 131st St.)—3 and 4 large, light, clean rooms, hot water, $22 and $30. Near trolley and subway. Inquire Supt.
Oct.31-tf
PARK AVE., 1962 (near 133d St.)—Five rooms, electricity, newly decorated; $35. Janitor.
Jan.23-2t
PARK AVE., 1986 (133d St.)—Four rooms, $36; hot water, bath and electric. Apply Supt.
Jan.16-2t
ST. NICHOLAS AVE., 450—4 and 5 elegant rooms, all improvements; elevator, rents reasonable. Inquire Supt.
Jan.16-2t
ST. NICHOLAS AVE., 712—Furnished and unfurnished rooms for doctor's office for rent. Edgecombe 2140.
Jan.2-4t
ST. NICHOLAS AVE., 723 (Cor. 146th St.)—Elevator, 6 rooms, $75 and $80; 6 rooms, $55 and $90.
Jan.16-2t
ST. NICHOLAS AVE., 580 (Garland Apts.)—Beautiful, large 4 and 4-room apartments, every convenience. Attractive rentals.
Nov.21-tf
ST. NICHOLAS AVE., 691 (Sabrina Arms, 145th St.)—3, 5 and 6 rooms, redecorated, elevator apartment. Brad. 4070.
Dec. 19-tf
ST. NICHOLAS AVE., 880—5, 6 and 7 rooms for rent; all improvements. Elevator service. Phone Audubon.
Jan.16-2t
ST. ANNS AVE., 117 (near 135th St.)—4-room apartment, recently opened for colored; hot water, bath, electric light, rent $30. Apply Janitor, Apt. 3.
Jan.16-2t
3D AVE., 881 (near 52d St. “L” station)—Three large, light, attractive rooms; all improvements; rent $22. See superintendent on premises.
Jan.16-2t
7TH AVE., 2195—3 large front rooms, newly decorated and improvements; very cheap rent. Supt. on premises.
Jan.16-2t
7TH AVE., 1838—5 room apartment to let, modern improvements.
Jan.16-2t
7TH AVE., 2137 (one flight up)—5 rooms, all improvements, reasonable.
Jan.16-2t
7TH AVE., 2137 (126th St.)—5-6-7 room apartments; all improvements; elevator service; rent reasonable. Supt.
Jan.16-2t
7TH AVE., 1994 (near 119th St.)—6 rooms, steam heat, hot water, electric, newly renovated, all improvements, beautiful walls. Price, $35. Fireproof building.
Jan.16-2t
8TH AVE., 2321—5-room apartment, newly renovated, all improvements, reasonable rent, with concession. Inquire Supt.
Jan.16-2t
8TH AVE., 2816 (near 150th St.)—5 nice light rooms, bath, hot water; electric light; no objection to children, reasonable rent, $52. Apply Janitor.
Jan.16-2t
8TH AVE., 2371 (near 127th St.)—Five good rooms; electricity; hot water; rent $40. Inquire Janitor.
Jan.16-2t
THREE, 4 and 5-room apartments in three new houses; all large, light, airy; all modern improvements; tiled bathrooms, tub and shower; rent reasonable. 36-42-54 W. 138th St. Apply Supt. on premises, or Everard Edmund, 69 W. 138th St., telephone Bradhurst 5874.
July 11-tf
4-Room apt. $16 a week; all improvements. Inquire by dry goods store. Mrs. Lang, 2274 7th Ave.
Jan.16-2t
TWO 7-room apts. recently decorated, all improvements, low rent. Apply Janitor, on premises. St. Nicholas Ave. or at Dr. Banks, 22 W. 128th St.
Jan.23-2t
4 LARGE rooms, newly decorated, all improvements, steam, $30. Inquire Superintendent, 115 E. 130th St.
Jan.16-2t
